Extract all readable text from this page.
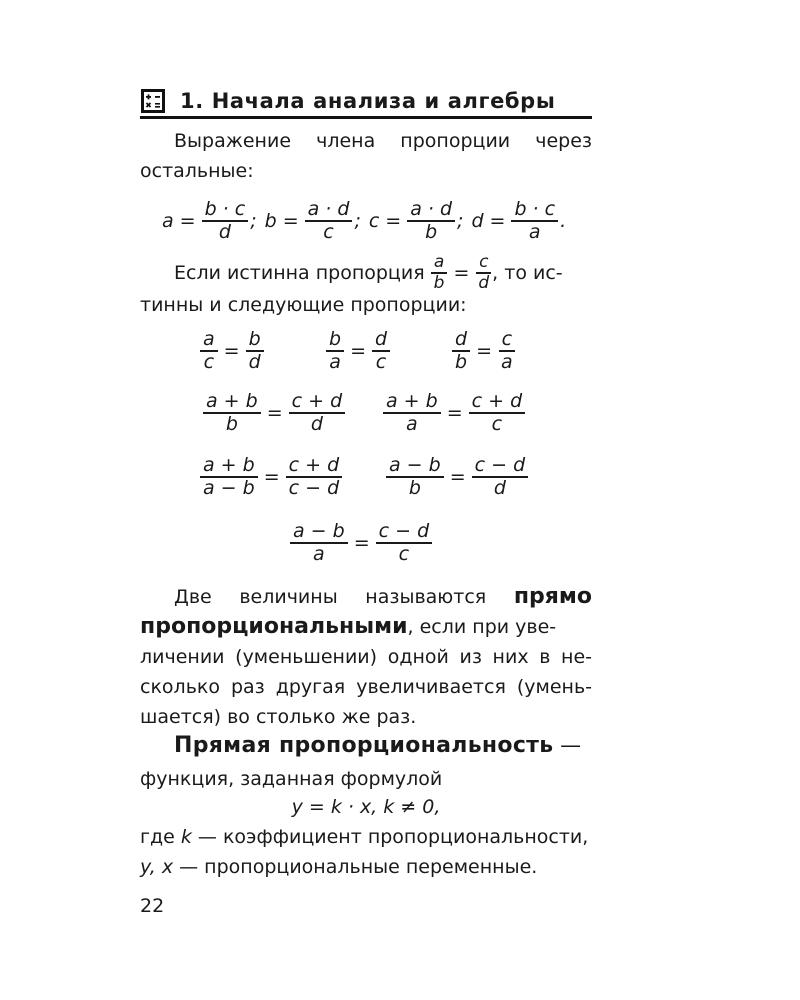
1. Начала анализа и алгебры
Выражение члена пропорции через
остальные:
$a = \frac{b \cdot c}{d}$ ; $b = \frac{a \cdot d}{c}$ ; $c = \frac{a \cdot d}{b}$ ; $d = \frac{b \cdot c}{a}$ .
Если истинна пропорция $\frac{a}{b} = \frac{c}{d}$ , то ис-
тинны и следующие пропорции:
$\frac{a}{c} = \frac{b}{d}$	$\frac{b}{a} = \frac{d}{c}$	$\frac{d}{b} = \frac{c}{a}$
$\frac{a + b}{b} = \frac{c + d}{d} \frac{a + b}{a} = \frac{c + d}{c}$
$\frac{a + b}{a - b} = \frac{c + d}{c - d} \frac{a - b}{b} = \frac{c - d}{d}$
$\frac{a - b}{a} = \frac{c - d}{c}$
Две величины называются прямо
пропорциональными, если при уве-
личении (уменьшении) одной из них в не-
сколько раз другая увеличивается (умень-
шается) во столько же раз.
Прямая пропорциональность —
функция, заданная формулой
y = k · x, k ≠ 0,
где k — коэффициент пропорциональности,
y, x — пропорциональные переменные.
22
